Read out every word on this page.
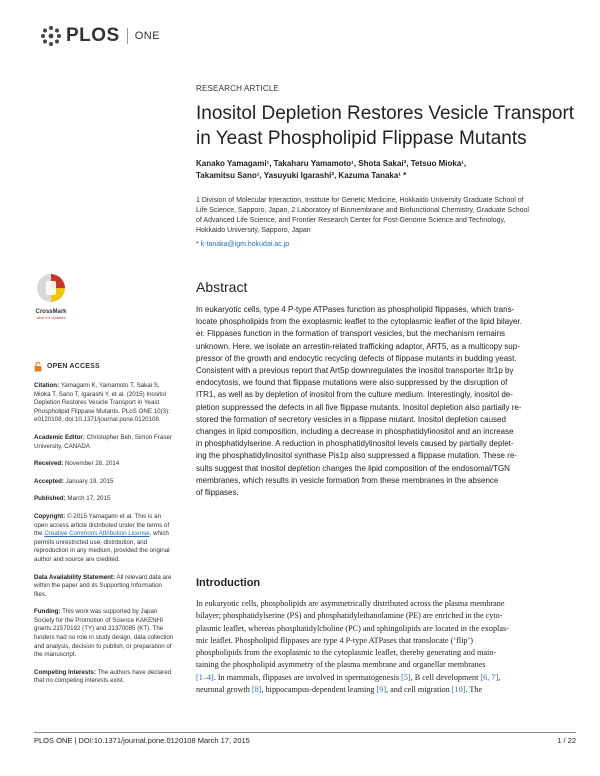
PLOS ONE
RESEARCH ARTICLE
Inositol Depletion Restores Vesicle Transport
in Yeast Phospholipid Flippase Mutants
Kanako Yamagami¹, Takaharu Yamamoto¹, Shota Sakai², Tetsuo Mioka¹,
Takamitsu Sano¹, Yasuyuki Igarashi², Kazuma Tanaka¹ *
1 Division of Molecular Interaction, Institute for Genetic Medicine, Hokkaido University Graduate School of
Life Science, Sapporo, Japan, 2 Laboratory of Biomembrane and Biofunctional Chemistry, Graduate School
of Advanced Life Science, and Frontier Research Center for Post-Genome Science and Technology,
Hokkaido University, Sapporo, Japan
* k-tanaka@igm.hokudai.ac.jp
CrossMark
click for updates
Abstract
In eukaryotic cells, type 4 P-type ATPases function as phospholipid flippases, which trans-
locate phospholipids from the exoplasmic leaflet to the cytoplasmic leaflet of the lipid bilayer.
er. Flippases function in the formation of transport vesicles, but the mechanism remains
unknown. Here, we isolate an arrestin-related trafficking adaptor, ART5, as a multicopy sup-
pressor of the growth and endocytic recycling defects of flippase mutants in budding yeast.
Consistent with a previous report that Art5p downregulates the inositol transporter Itr1p by
endocytosis, we found that flippase mutations were also suppressed by the disruption of
ITR1, as well as by depletion of inositol from the culture medium. Interestingly, inositol de-
pletion suppressed the defects in all five flippase mutants. Inositol depletion also partially re-
stored the formation of secretory vesicles in a flippase mutant. Inositol depletion caused
changes in lipid composition, including a decrease in phosphatidylinositol and an increase
in phosphatidylserine. A reduction in phosphatidylinositol levels caused by partially deplet-
ing the phosphatidylinositol synthase Pis1p also suppressed a flippase mutation. These re-
sults suggest that inositol depletion changes the lipid composition of the endosomal/TGN
membranes, which results in vesicle formation from these membranes in the absence
of flippases.
OPEN ACCESS
Citation: Yamagami K, Yamamoto T, Sakai S, Mioka T, Sano T, Igarashi Y, et al. (2015) Inositol Depletion Restores Vesicle Transport in Yeast Phospholipid Flippase Mutants. PLoS ONE 10(3): e0120108. doi:10.1371/journal.pone.0120108
Academic Editor: Christopher Beh, Simon Fraser University, CANADA
Received: November 28, 2014
Accepted: January 19, 2015
Published: March 17, 2015
Copyright: © 2015 Yamagami et al. This is an open access article distributed under the terms of the Creative Commons Attribution License, which permits unrestricted use, distribution, and reproduction in any medium, provided the original author and source are credited.
Data Availability Statement: All relevant data are within the paper and its Supporting Information files.
Funding: This work was supported by Japan Society for the Promotion of Science KAKENHI grants 21570192 (TY) and 21370085 (KT). The funders had no role in study design, data collection and analysis, decision to publish, or preparation of the manuscript.
Competing Interests: The authors have declared that no competing interests exist.
Introduction
In eukaryotic cells, phospholipids are asymmetrically distributed across the plasma membrane
bilayer; phosphatidylserine (PS) and phosphatidylethanolamine (PE) are enriched in the cyto-
plasmic leaflet, whereas phosphatidylcholine (PC) and sphingolipids are located in the exoplas-
mic leaflet. Phospholipid flippases are type 4 P-type ATPases that translocate (‘flip’)
phospholipids from the exoplasmic to the cytoplasmic leaflet, thereby generating and main-
taining the phospholipid asymmetry of the plasma membrane and organellar membranes
[1–4]. In mammals, flippases are involved in spermatogenesis [5], B cell development [6, 7],
neuronal growth [8], hippocampus-dependent learning [9], and cell migration [10]. The
PLOS ONE | DOI:10.1371/journal.pone.0120108 March 17, 2015	1 / 22
